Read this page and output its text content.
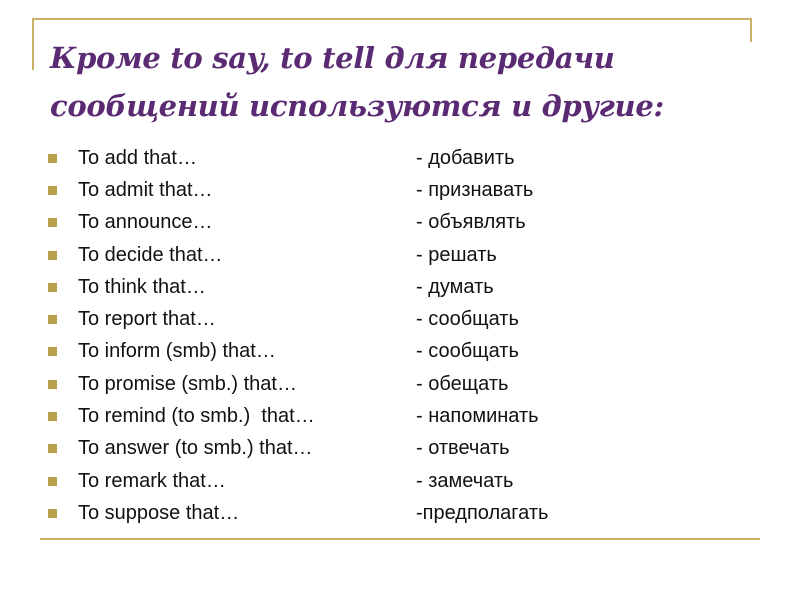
Кроме to say, to tell для передачи сообщений используются и другие:
To add that…	- добавить
To admit that…	- признавать
To announce…	- объявлять
To decide that…	- решать
To think that…	- думать
To report that…	- сообщать
To inform (smb) that…	- сообщать
To promise (smb.) that…	- обещать
To remind (to smb.)  that…	- напоминать
To answer (to smb.) that…	- отвечать
To remark that…	- замечать
To suppose that…	-предполагать
